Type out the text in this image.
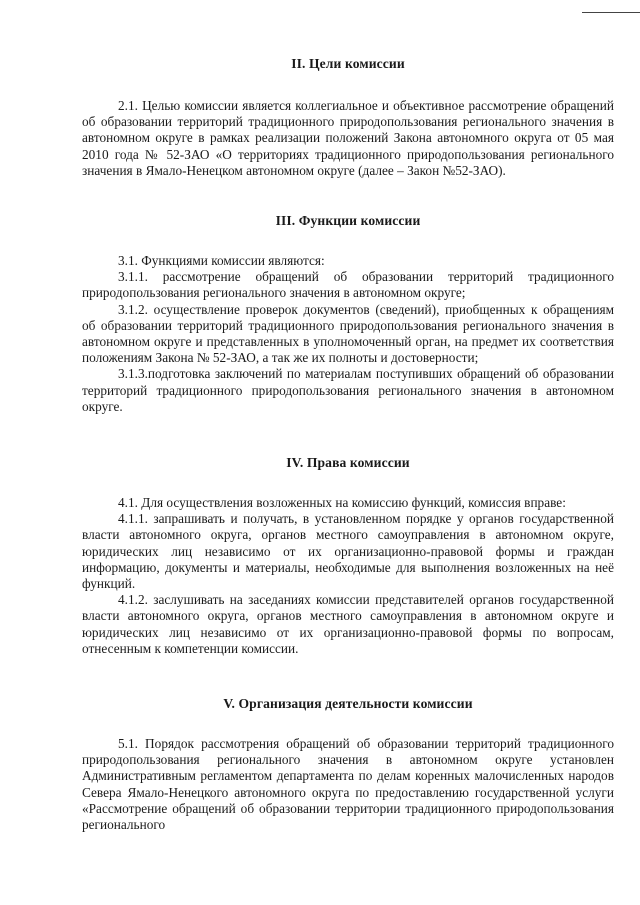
II. Цели комиссии

2.1. Целью комиссии является коллегиальное и объективное рассмотрение обращений об образовании территорий традиционного природопользования регионального значения в автономном округе в рамках реализации положений Закона автономного округа от 05 мая 2010 года № 52-ЗАО «О территориях традиционного природопользования регионального значения в Ямало-Ненецком автономном округе (далее – Закон №52-ЗАО).

III. Функции комиссии

3.1. Функциями комиссии являются:

3.1.1. рассмотрение обращений об образовании территорий традиционного природопользования регионального значения в автономном округе;

3.1.2. осуществление проверок документов (сведений), приобщенных к обращениям об образовании территорий традиционного природопользования регионального значения в автономном округе и представленных в уполномоченный орган, на предмет их соответствия положениям Закона № 52-ЗАО, а так же их полноты и достоверности;

3.1.3.подготовка заключений по материалам поступивших обращений об образовании территорий традиционного природопользования регионального значения в автономном округе.

IV. Права комиссии

4.1. Для осуществления возложенных на комиссию функций, комиссия вправе:

4.1.1. запрашивать и получать, в установленном порядке у органов государственной власти автономного округа, органов местного самоуправления в автономном округе, юридических лиц независимо от их организационно-правовой формы и граждан информацию, документы и материалы, необходимые для выполнения возложенных на неё функций.

4.1.2. заслушивать на заседаниях комиссии представителей органов государственной власти автономного округа, органов местного самоуправления в автономном округе и юридических лиц независимо от их организационно-правовой формы по вопросам, отнесенным к компетенции комиссии.

V. Организация деятельности комиссии

5.1. Порядок рассмотрения обращений об образовании территорий традиционного природопользования регионального значения в автономном округе установлен Административным регламентом департамента по делам коренных малочисленных народов Севера Ямало-Ненецкого автономного округа по предоставлению государственной услуги «Рассмотрение обращений об образовании территории традиционного природопользования регионального
